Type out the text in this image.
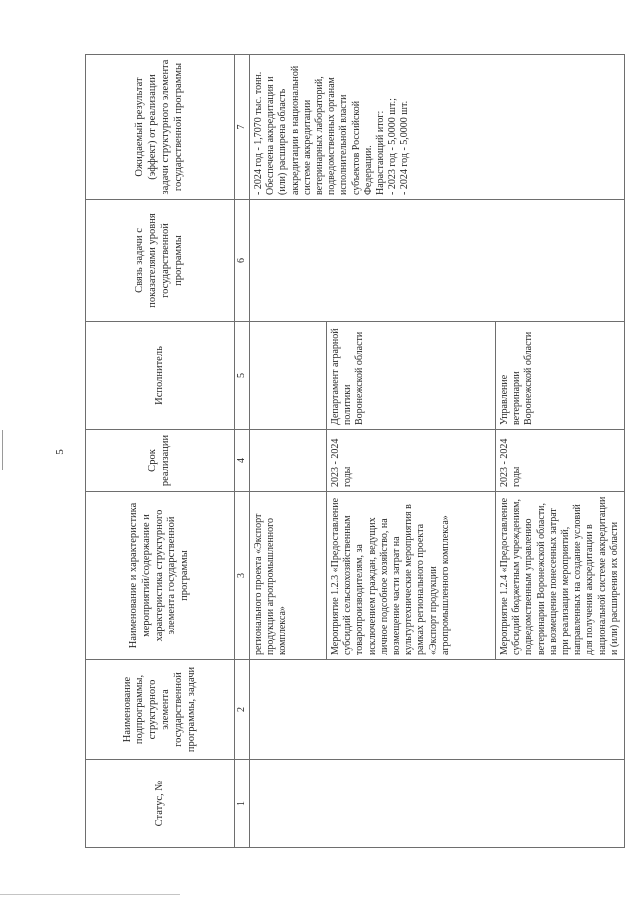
5
Статус, №	Наименование подпрограммы, структурного элемента государственной программы, задачи	Наименование и характеристика мероприятий/содержание и характеристика структурного элемента государственной программы	Срок реализации	Исполнитель	Связь задачи с показателями уровня государственной программы	Ожидаемый результат (эффект) от реализации задачи структурного элемента государственной программы
1	2	3	4	5	6	7
		регионального проекта «Экспорт продукции агропромышленного комплекса»				- 2024 год - 1,7070 тыс. тонн.
Обеспечена аккредитация и (или) расширена область аккредитации в национальной системе аккредитации ветеринарных лабораторий, подведомственных органам исполнительной власти субъектов Российской Федерации.
Нарастающий итог:
- 2023 год - 5,0000 шт.;
- 2024 год - 5,0000 шт.
		Мероприятие 1.2.3 «Предоставление субсидий сельскохозяйственным товаропроизводителям, за исключением граждан, ведущих личное подсобное хозяйство, на возмещение части затрат на культуртехнические мероприятия в рамках регионального проекта «Экспорт продукции агропромышленного комплекса»	2023 - 2024 годы	Департамент аграрной политики Воронежской области		
		Мероприятие 1.2.4 «Предоставление субсидий бюджетным учреждениям, подведомственным управлению ветеринарии Воронежской области, на возмещение понесенных затрат при реализации мероприятий, направленных на создание условий для получения аккредитации в национальной системе аккредитации и (или) расширения их области	2023 - 2024 годы	Управление ветеринарии Воронежской области		
